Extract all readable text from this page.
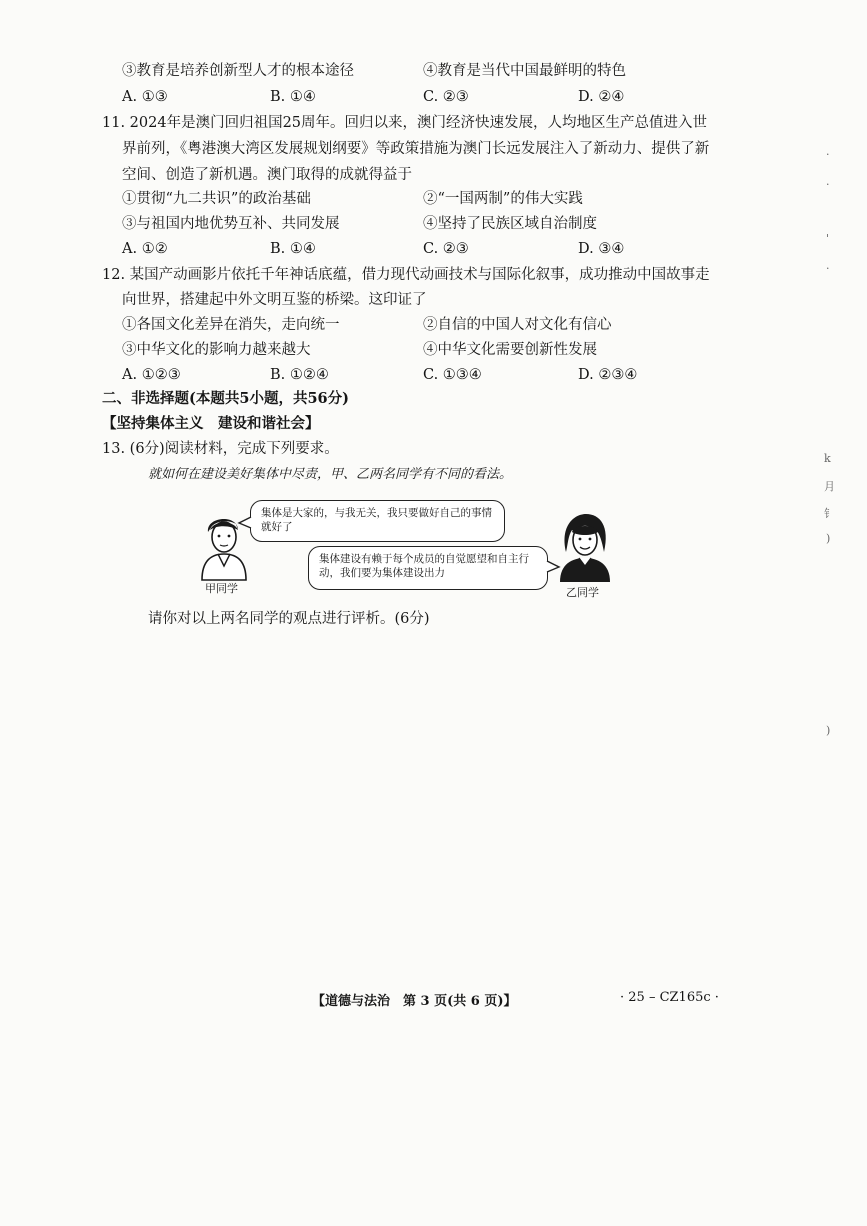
③教育是培养创新型人才的根本途径	④教育是当代中国最鲜明的特色
A. ①③	B. ①④	C. ②③	D. ②④
11. 2024年是澳门回归祖国25周年。回归以来，澳门经济快速发展，人均地区生产总值进入世
界前列，《粤港澳大湾区发展规划纲要》等政策措施为澳门长远发展注入了新动力、提供了新
空间、创造了新机遇。澳门取得的成就得益于
①贯彻“九二共识”的政治基础	②“一国两制”的伟大实践
③与祖国内地优势互补、共同发展	④坚持了民族区域自治制度
A. ①②	B. ①④	C. ②③	D. ③④
12. 某国产动画影片依托千年神话底蕴，借力现代动画技术与国际化叙事，成功推动中国故事走
向世界，搭建起中外文明互鉴的桥梁。这印证了
①各国文化差异在消失，走向统一	②自信的中国人对文化有信心
③中华文化的影响力越来越大	④中华文化需要创新性发展
A. ①②③	B. ①②④	C. ①③④	D. ②③④
二、非选择题(本题共5小题，共56分)
【坚持集体主义　建设和谐社会】
13. (6分)阅读材料，完成下列要求。
就如何在建设美好集体中尽责，甲、乙两名同学有不同的看法。
甲同学
集体是大家的，与我无关，我只要做好自己的事情就好了
集体建设有赖于每个成员的自觉愿望和自主行动，我们要为集体建设出力
乙同学
请你对以上两名同学的观点进行评析。(6分)
【道德与法治　第 3 页(共 6 页)】	· 25 – CZ165c ·
·
·
'
·
k
月
钅
)
)
